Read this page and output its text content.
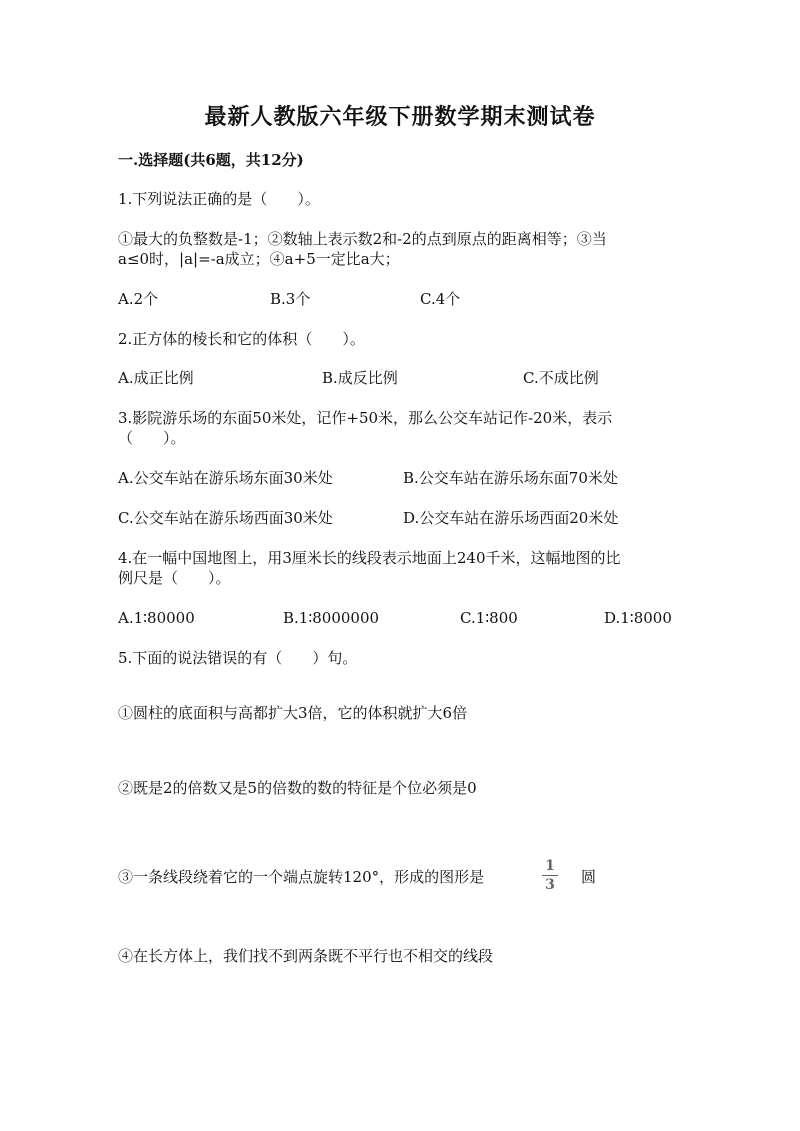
最新人教版六年级下册数学期末测试卷
一.选择题(共6题，共12分)
1.下列说法正确的是（　　）。
①最大的负整数是-1；②数轴上表示数2和-2的点到原点的距离相等；③当
a≤0时，|a|=-a成立；④a+5一定比a大；
A.2个	B.3个	C.4个
2.正方体的棱长和它的体积（　　）。
A.成正比例	B.成反比例	C.不成比例
3.影院游乐场的东面50米处，记作+50米，那么公交车站记作-20米，表示
（　　）。
A.公交车站在游乐场东面30米处	B.公交车站在游乐场东面70米处
C.公交车站在游乐场西面30米处	D.公交车站在游乐场西面20米处
4.在一幅中国地图上，用3厘米长的线段表示地面上240千米，这幅地图的比
例尺是（　　）。
A.1∶80000	B.1∶8000000	C.1∶800	D.1∶8000
5.下面的说法错误的有（　　）句。
①圆柱的底面积与高都扩大3倍，它的体积就扩大6倍
②既是2的倍数又是5的倍数的数的特征是个位必须是0
③一条线段绕着它的一个端点旋转120°，形成的图形是
1
3 圆
④在长方体上，我们找不到两条既不平行也不相交的线段
